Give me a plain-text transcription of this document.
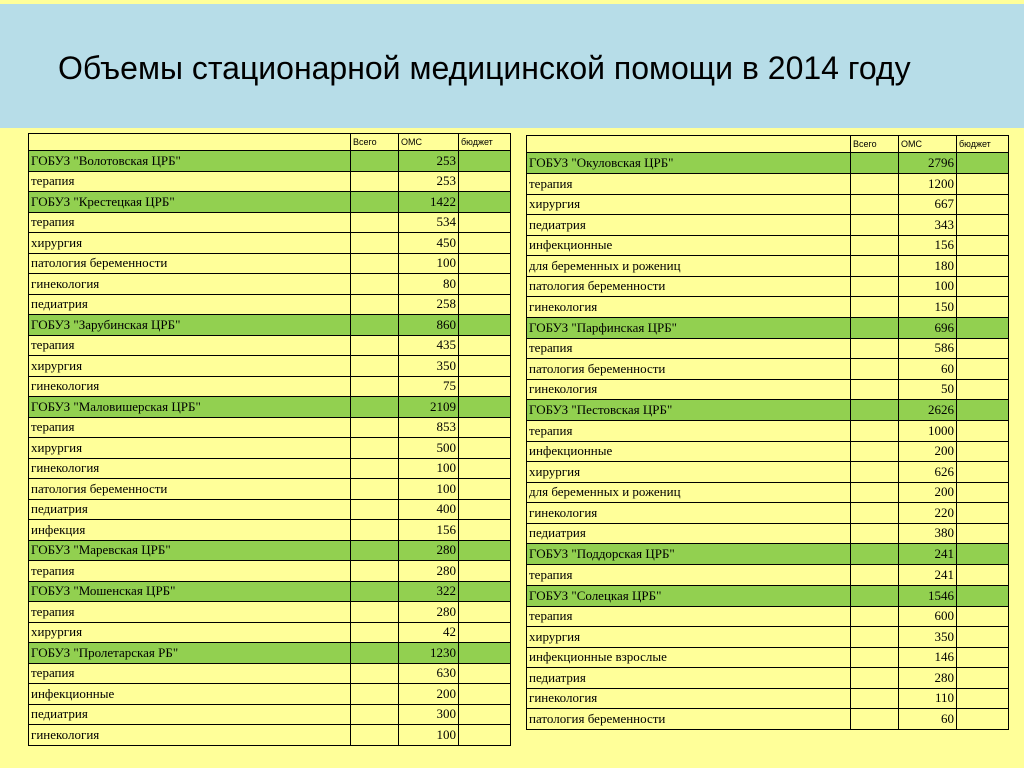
Объемы стационарной медицинской помощи в 2014 году
	Всего	ОМС	бюджет
ГОБУЗ "Волотовская ЦРБ"		253	
терапия		253	
ГОБУЗ "Крестецкая ЦРБ"		1422	
терапия		534	
хирургия		450	
патология беременности		100	
гинекология		80	
педиатрия		258	
ГОБУЗ "Зарубинская ЦРБ"		860	
терапия		435	
хирургия		350	
гинекология		75	
ГОБУЗ "Маловишерская ЦРБ"		2109	
терапия		853	
хирургия		500	
гинекология		100	
патология беременности		100	
педиатрия		400	
инфекция		156	
ГОБУЗ "Маревская ЦРБ"		280	
терапия		280	
ГОБУЗ "Мошенская ЦРБ"		322	
терапия		280	
хирургия		42	
ГОБУЗ "Пролетарская РБ"		1230	
терапия		630	
инфекционные		200	
педиатрия		300	
гинекология		100	
	Всего	ОМС	бюджет
ГОБУЗ "Окуловская ЦРБ"		2796	
терапия		1200	
хирургия		667	
педиатрия		343	
инфекционные		156	
для беременных и рожениц		180	
патология беременности		100	
гинекология		150	
ГОБУЗ "Парфинская ЦРБ"		696	
терапия		586	
патология беременности		60	
гинекология		50	
ГОБУЗ "Пестовская ЦРБ"		2626	
терапия		1000	
инфекционные		200	
хирургия		626	
для беременных и рожениц		200	
гинекология		220	
педиатрия		380	
ГОБУЗ "Поддорская ЦРБ"		241	
терапия		241	
ГОБУЗ "Солецкая ЦРБ"		1546	
терапия		600	
хирургия		350	
инфекционные взрослые		146	
педиатрия		280	
гинекология		110	
патология беременности		60	
